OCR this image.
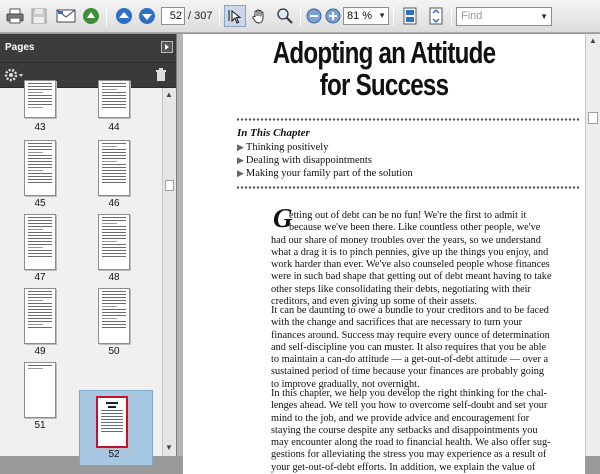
52 / 307	81 % ▼	Find	▼
Pages
43	44
45	46
47	48
49	50
51
52
▲
▼
Adopting an Attitude
for Success
In This Chapter
▶ Thinking positively
▶ Dealing with disappointments
▶ Making your family part of the solution
G
etting out of debt can be no fun! We're the first to admit it
because we've been there. Like countless other people, we've
had our share of money troubles over the years, so we understand
what a drag it is to pinch pennies, give up the things you enjoy, and
work harder than ever. We've also counseled people whose finances
were in such bad shape that getting out of debt meant having to take
other steps like consolidating their debts, negotiating with their
creditors, and even giving up some of their assets.
It can be daunting to owe a bundle to your creditors and to be faced
with the change and sacrifices that are necessary to turn your
finances around. Success may require every ounce of determination
and self-discipline you can muster. It also requires that you be able
to maintain a can-do attitude — a get-out-of-debt attitude — over a
sustained period of time because your finances are probably going
to improve gradually, not overnight.
In this chapter, we help you develop the right thinking for the chal-
lenges ahead. We tell you how to overcome self-doubt and set your
mind to the job, and we provide advice and encouragement for
staying the course despite any setbacks and disappointments you
may encounter along the road to financial health. We also offer sug-
gestions for alleviating the stress you may experience as a result of
your get-out-of-debt efforts. In addition, we explain the value of
▲
